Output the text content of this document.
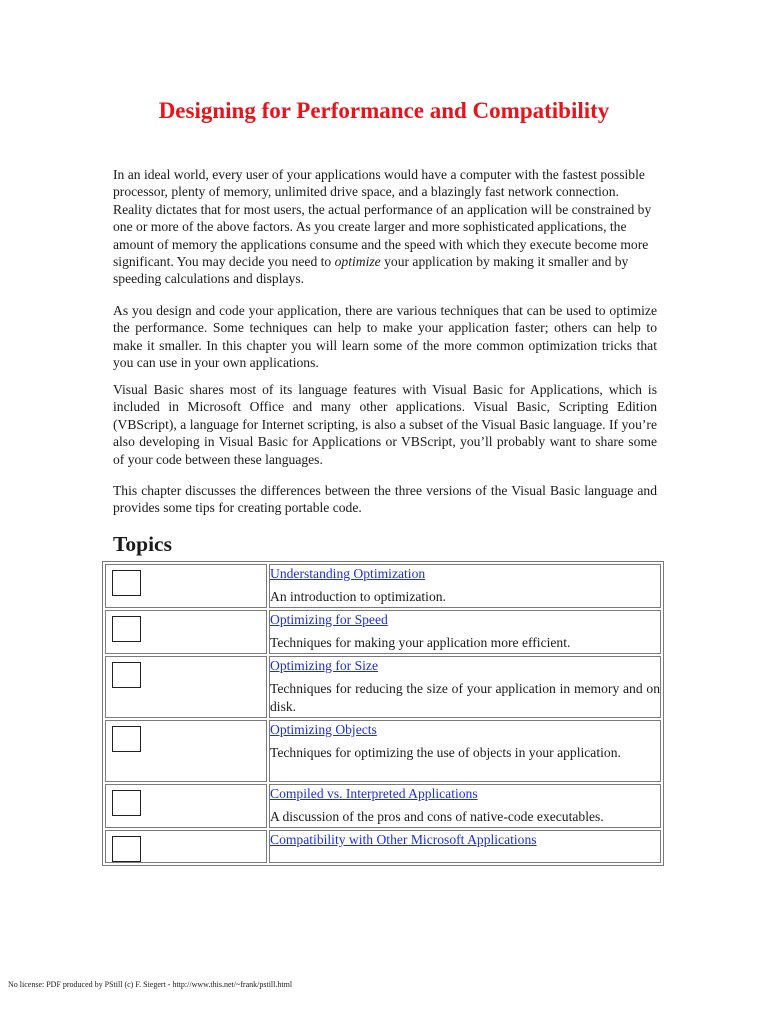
Designing for Performance and Compatibility

In an ideal world, every user of your applications would have a computer with the fastest possible processor, plenty of memory, unlimited drive space, and a blazingly fast network connection. Reality dictates that for most users, the actual performance of an application will be constrained by one or more of the above factors. As you create larger and more sophisticated applications, the amount of memory the applications consume and the speed with which they execute become more significant. You may decide you need to optimize your application by making it smaller and by speeding calculations and displays.

As you design and code your application, there are various techniques that can be used to optimize the performance. Some techniques can help to make your application faster; others can help to make it smaller. In this chapter you will learn some of the more common optimization tricks that you can use in your own applications.

Visual Basic shares most of its language features with Visual Basic for Applications, which is included in Microsoft Office and many other applications. Visual Basic, Scripting Edition (VBScript), a language for Internet scripting, is also a subset of the Visual Basic language. If you’re also developing in Visual Basic for Applications or VBScript, you’ll probably want to share some of your code between these languages.

This chapter discusses the differences between the three versions of the Visual Basic language and provides some tips for creating portable code.

Topics
	Understanding Optimization
An introduction to optimization.

	Optimizing for Speed
Techniques for making your application more efficient.

	Optimizing for Size
Techniques for reducing the size of your application in memory and on disk.

	Optimizing Objects
Techniques for optimizing the use of objects in your application.

	Compiled vs. Interpreted Applications
A discussion of the pros and cons of native-code executables.

	Compatibility with Other Microsoft Applications
No license: PDF produced by PStill (c) F. Siegert - http://www.this.net/~frank/pstill.html
